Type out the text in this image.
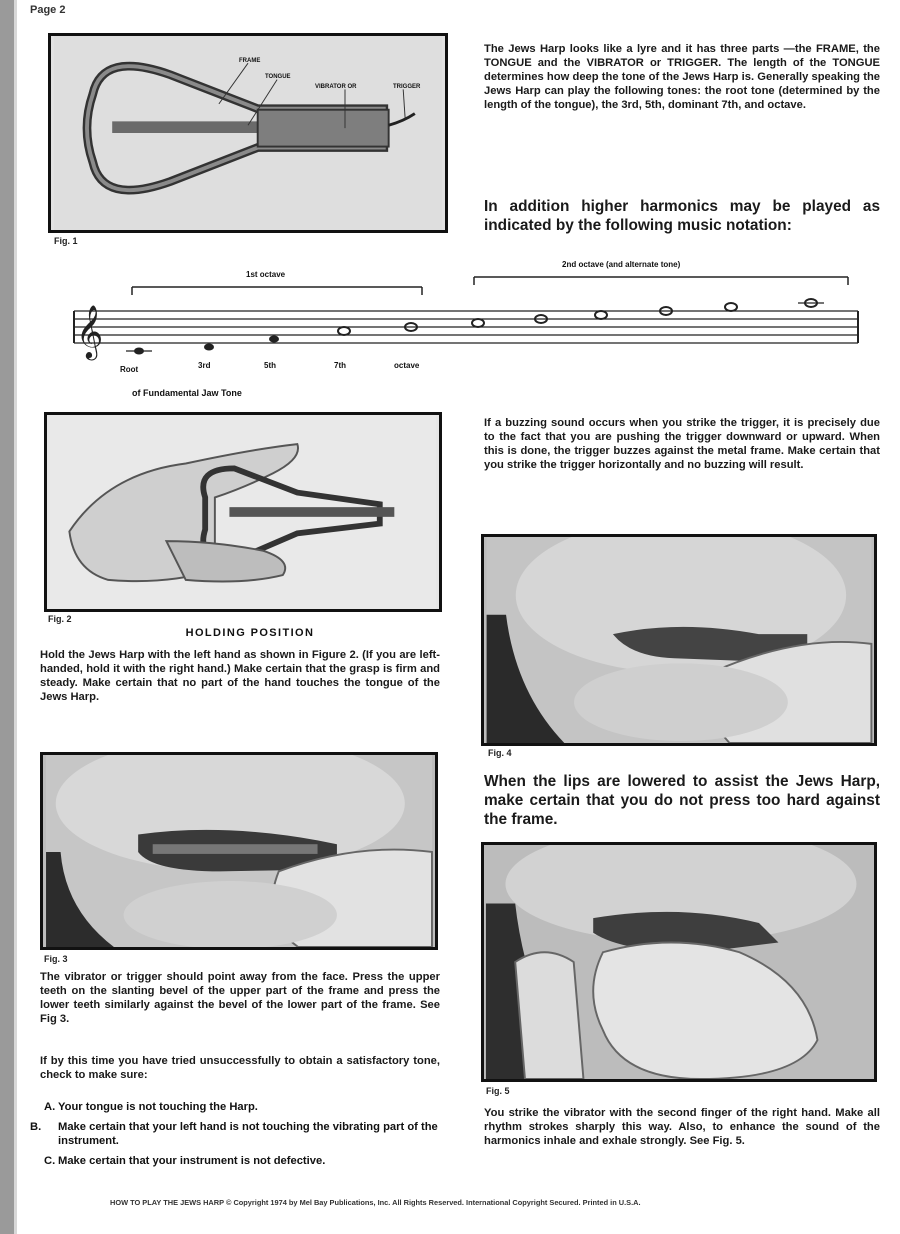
Page 2
FRAME
TONGUE
VIBRATOR OR	TRIGGER
Fig. 1
The Jews Harp looks like a lyre and it has three parts —the FRAME, the TONGUE and the VIBRATOR or TRIGGER. The length of the TONGUE determines how deep the tone of the Jews Harp is. Generally speaking the Jews Harp can play the following tones: the root tone (determined by the length of the tongue), the 3rd, 5th, dominant 7th, and octave.
In addition higher harmonics may be played as indicated by the following music notation:
𝄞
1st octave
2nd octave (and alternate tone)
Root	3rd	5th	7th	octave
of Fundamental Jaw Tone
Fig. 2
HOLDING POSITION
Hold the Jews Harp with the left hand as shown in Figure 2. (If you are left-handed, hold it with the right hand.) Make certain that the grasp is firm and steady. Make certain that no part of the hand touches the tongue of the Jews Harp.
If a buzzing sound occurs when you strike the trigger, it is precisely due to the fact that you are pushing the trigger downward or upward. When this is done, the trigger buzzes against the metal frame. Make certain that you strike the trigger horizontally and no buzzing will result.
Fig. 4
When the lips are lowered to assist the Jews Harp, make certain that you do not press too hard against the frame.
Fig. 3
The vibrator or trigger should point away from the face. Press the upper teeth on the slanting bevel of the upper part of the frame and press the lower teeth similarly against the bevel of the lower part of the frame. See Fig 3.
If by this time you have tried unsuccessfully to obtain a satisfactory tone, check to make sure:
A. Your tongue is not touching the Harp.
B. Make certain that your left hand is not touching the vibrating part of the instrument.
C. Make certain that your instrument is not defective.
Fig. 5
You strike the vibrator with the second finger of the right hand. Make all rhythm strokes sharply this way. Also, to enhance the sound of the harmonics inhale and exhale strongly. See Fig. 5.
HOW TO PLAY THE JEWS HARP © Copyright 1974 by Mel Bay Publications, Inc. All Rights Reserved. International Copyright Secured. Printed in U.S.A.
